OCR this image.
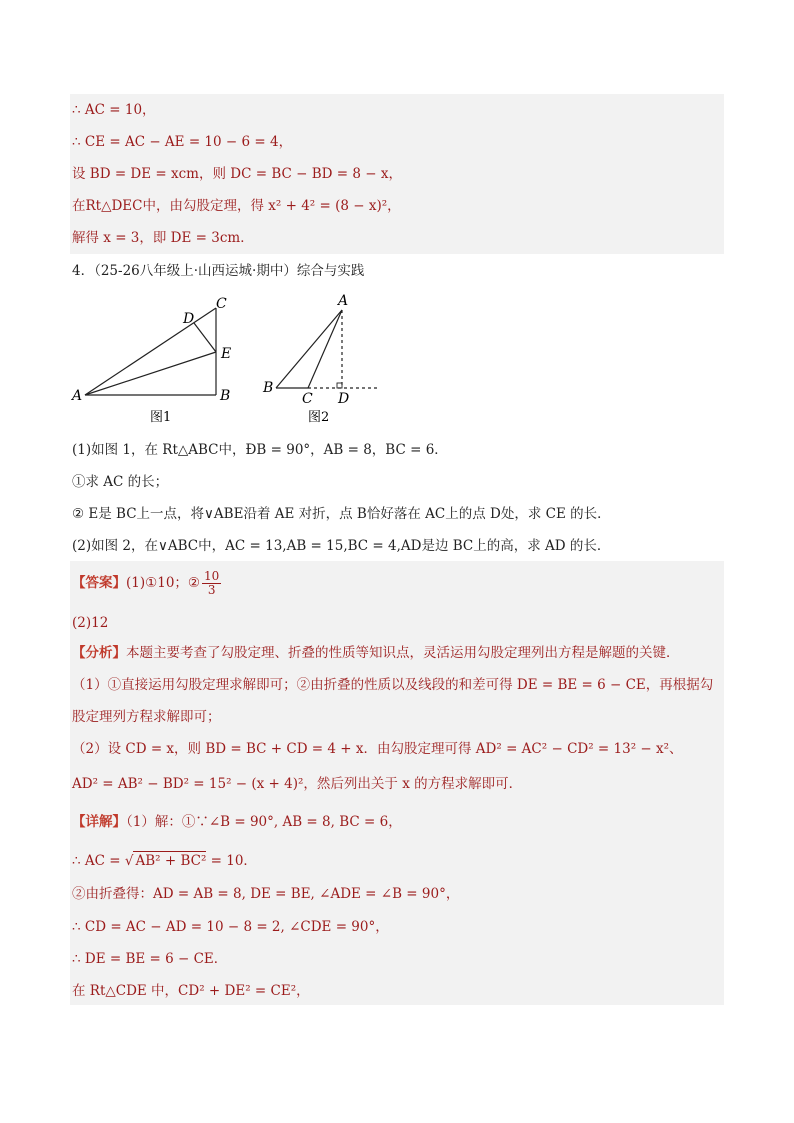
∴ AC = 10，
∴ CE = AC − AE = 10 − 6 = 4，
设 BD = DE = xcm，则 DC = BC − BD = 8 − x，
在Rt△DEC中，由勾股定理，得 x² + 4² = (8 − x)²，
解得 x = 3，即 DE = 3cm．
4．（25-26八年级上·山西运城·期中）综合与实践
A	B
C
D
E
图1
A
B
C D
图2
(1)如图 1，在 Rt△ABC中，ÐB = 90°，AB = 8，BC = 6．
①求 AC 的长；
② E是 BC上一点，将∨ABE沿着 AE 对折，点 B恰好落在 AC上的点 D处，求 CE 的长．
(2)如图 2，在∨ABC中，AC = 13,AB = 15,BC = 4,AD是边 BC上的高，求 AD 的长．
【答案】(1)①10；② $\frac{10}{3}$
(2)12
【分析】本题主要考查了勾股定理、折叠的性质等知识点，灵活运用勾股定理列出方程是解题的关键．
（1）①直接运用勾股定理求解即可；②由折叠的性质以及线段的和差可得 DE = BE = 6 − CE，再根据勾
股定理列方程求解即可；
（2）设 CD = x，则 BD = BC + CD = 4 + x．由勾股定理可得 AD² = AC² − CD² = 13² − x²、
AD² = AB² − BD² = 15² − (x + 4)²，然后列出关于 x 的方程求解即可．
【详解】（1）解：①∵∠B = 90°, AB = 8, BC = 6，
∴ AC = √ AB² + BC² = 10．
②由折叠得：AD = AB = 8, DE = BE, ∠ADE = ∠B = 90°，
∴ CD = AC − AD = 10 − 8 = 2, ∠CDE = 90°，
∴ DE = BE = 6 − CE．
在 Rt△CDE 中，CD² + DE² = CE²，
